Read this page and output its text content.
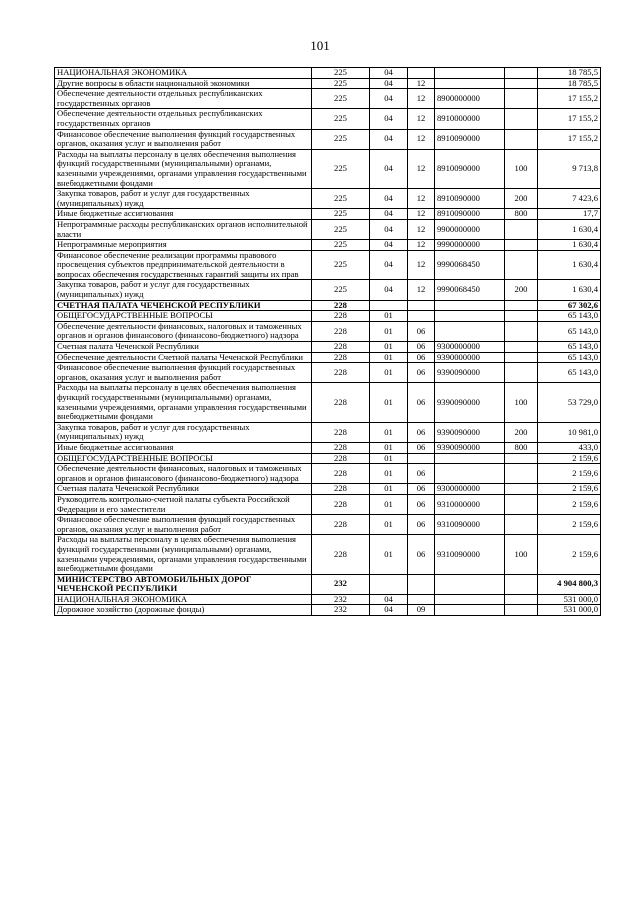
101
НАЦИОНАЛЬНАЯ ЭКОНОМИКА	225	04				18 785,5
Другие вопросы в области национальной экономики	225	04	12			18 785,5
Обеспечение деятельности отдельных республиканских государственных органов	225	04	12	8900000000		17 155,2
Обеспечение деятельности отдельных республиканских государственных органов	225	04	12	8910000000		17 155,2
Финансовое обеспечение выполнения функций государственных органов, оказания услуг и выполнения работ	225	04	12	8910090000		17 155,2
Расходы на выплаты персоналу в целях обеспечения выполнения функций государственными (муниципальными) органами, казенными учреждениями, органами управления государственными внебюджетными фондами	225	04	12	8910090000	100	9 713,8
Закупка товаров, работ и услуг для государственных (муниципальных) нужд	225	04	12	8910090000	200	7 423,6
Иные бюджетные ассигнования	225	04	12	8910090000	800	17,7
Непрограммные расходы республиканских органов исполнительной власти	225	04	12	9900000000		1 630,4
Непрограммные мероприятия	225	04	12	9990000000		1 630,4
Финансовое обеспечение реализации программы правового просвещения субъектов предпринимательской деятельности в вопросах обеспечения государственных гарантий защиты их прав	225	04	12	9990068450		1 630,4
Закупка товаров, работ и услуг для государственных (муниципальных) нужд	225	04	12	9990068450	200	1 630,4
СЧЕТНАЯ ПАЛАТА ЧЕЧЕНСКОЙ РЕСПУБЛИКИ	228					67 302,6
ОБЩЕГОСУДАРСТВЕННЫЕ ВОПРОСЫ	228	01				65 143,0
Обеспечение деятельности финансовых, налоговых и таможенных органов и органов финансового (финансово-бюджетного) надзора	228	01	06			65 143,0
Счетная палата Чеченской Республики	228	01	06	9300000000		65 143,0
Обеспечение деятельности Счетной палаты Чеченской Республики	228	01	06	9390000000		65 143,0
Финансовое обеспечение выполнения функций государственных органов, оказания услуг и выполнения работ	228	01	06	9390090000		65 143,0
Расходы на выплаты персоналу в целях обеспечения выполнения функций государственными (муниципальными) органами, казенными учреждениями, органами управления государственными внебюджетными фондами	228	01	06	9390090000	100	53 729,0
Закупка товаров, работ и услуг для государственных (муниципальных) нужд	228	01	06	9390090000	200	10 981,0
Иные бюджетные ассигнования	228	01	06	9390090000	800	433,0
ОБЩЕГОСУДАРСТВЕННЫЕ ВОПРОСЫ	228	01				2 159,6
Обеспечение деятельности финансовых, налоговых и таможенных органов и органов финансового (финансово-бюджетного) надзора	228	01	06			2 159,6
Счетная палата Чеченской Республики	228	01	06	9300000000		2 159,6
Руководитель контрольно-счетной палаты субъекта Российской Федерации и его заместители	228	01	06	9310000000		2 159,6
Финансовое обеспечение выполнения функций государственных органов, оказания услуг и выполнения работ	228	01	06	9310090000		2 159,6
Расходы на выплаты персоналу в целях обеспечения выполнения функций государственными (муниципальными) органами, казенными учреждениями, органами управления государственными внебюджетными фондами	228	01	06	9310090000	100	2 159,6
МИНИСТЕРСТВО АВТОМОБИЛЬНЫХ ДОРОГ ЧЕЧЕНСКОЙ РЕСПУБЛИКИ	232					4 904 800,3
НАЦИОНАЛЬНАЯ ЭКОНОМИКА	232	04				531 000,0
Дорожное хозяйство (дорожные фонды)	232	04	09			531 000,0
